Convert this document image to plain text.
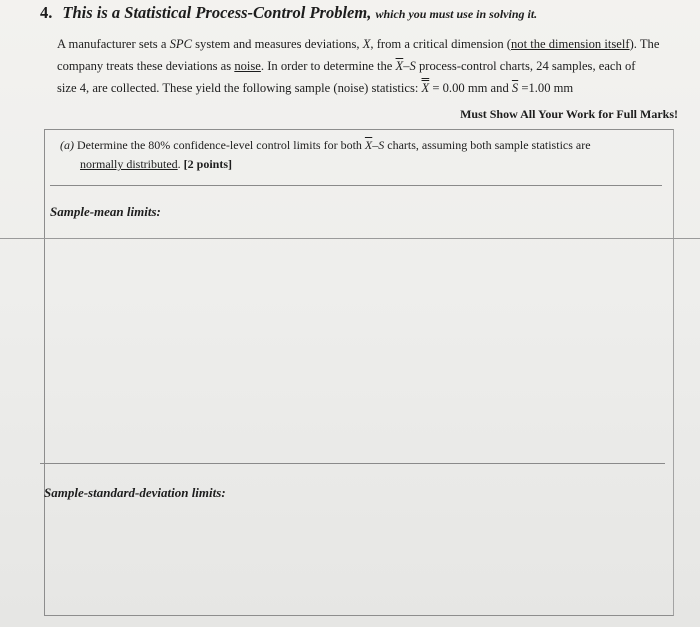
4. This is a Statistical Process-Control Problem, which you must use in solving it.
A manufacturer sets a SPC system and measures deviations, X, from a critical dimension (not the dimension itself). The
company treats these deviations as noise. In order to determine the $\overline{X}-S$ process-control charts, 24 samples, each of
size 4, are collected. These yield the following sample (noise) statistics: X = 0.00 mm and $\overline{S} =1.00$ mm
Must Show All Your Work for Full Marks!
(a) Determine the 80% confidence-level control limits for both $\overline{X}-S$ charts, assuming both sample statistics are
normally distributed. [2 points]
Sample-mean limits:
Sample-standard-deviation limits:
